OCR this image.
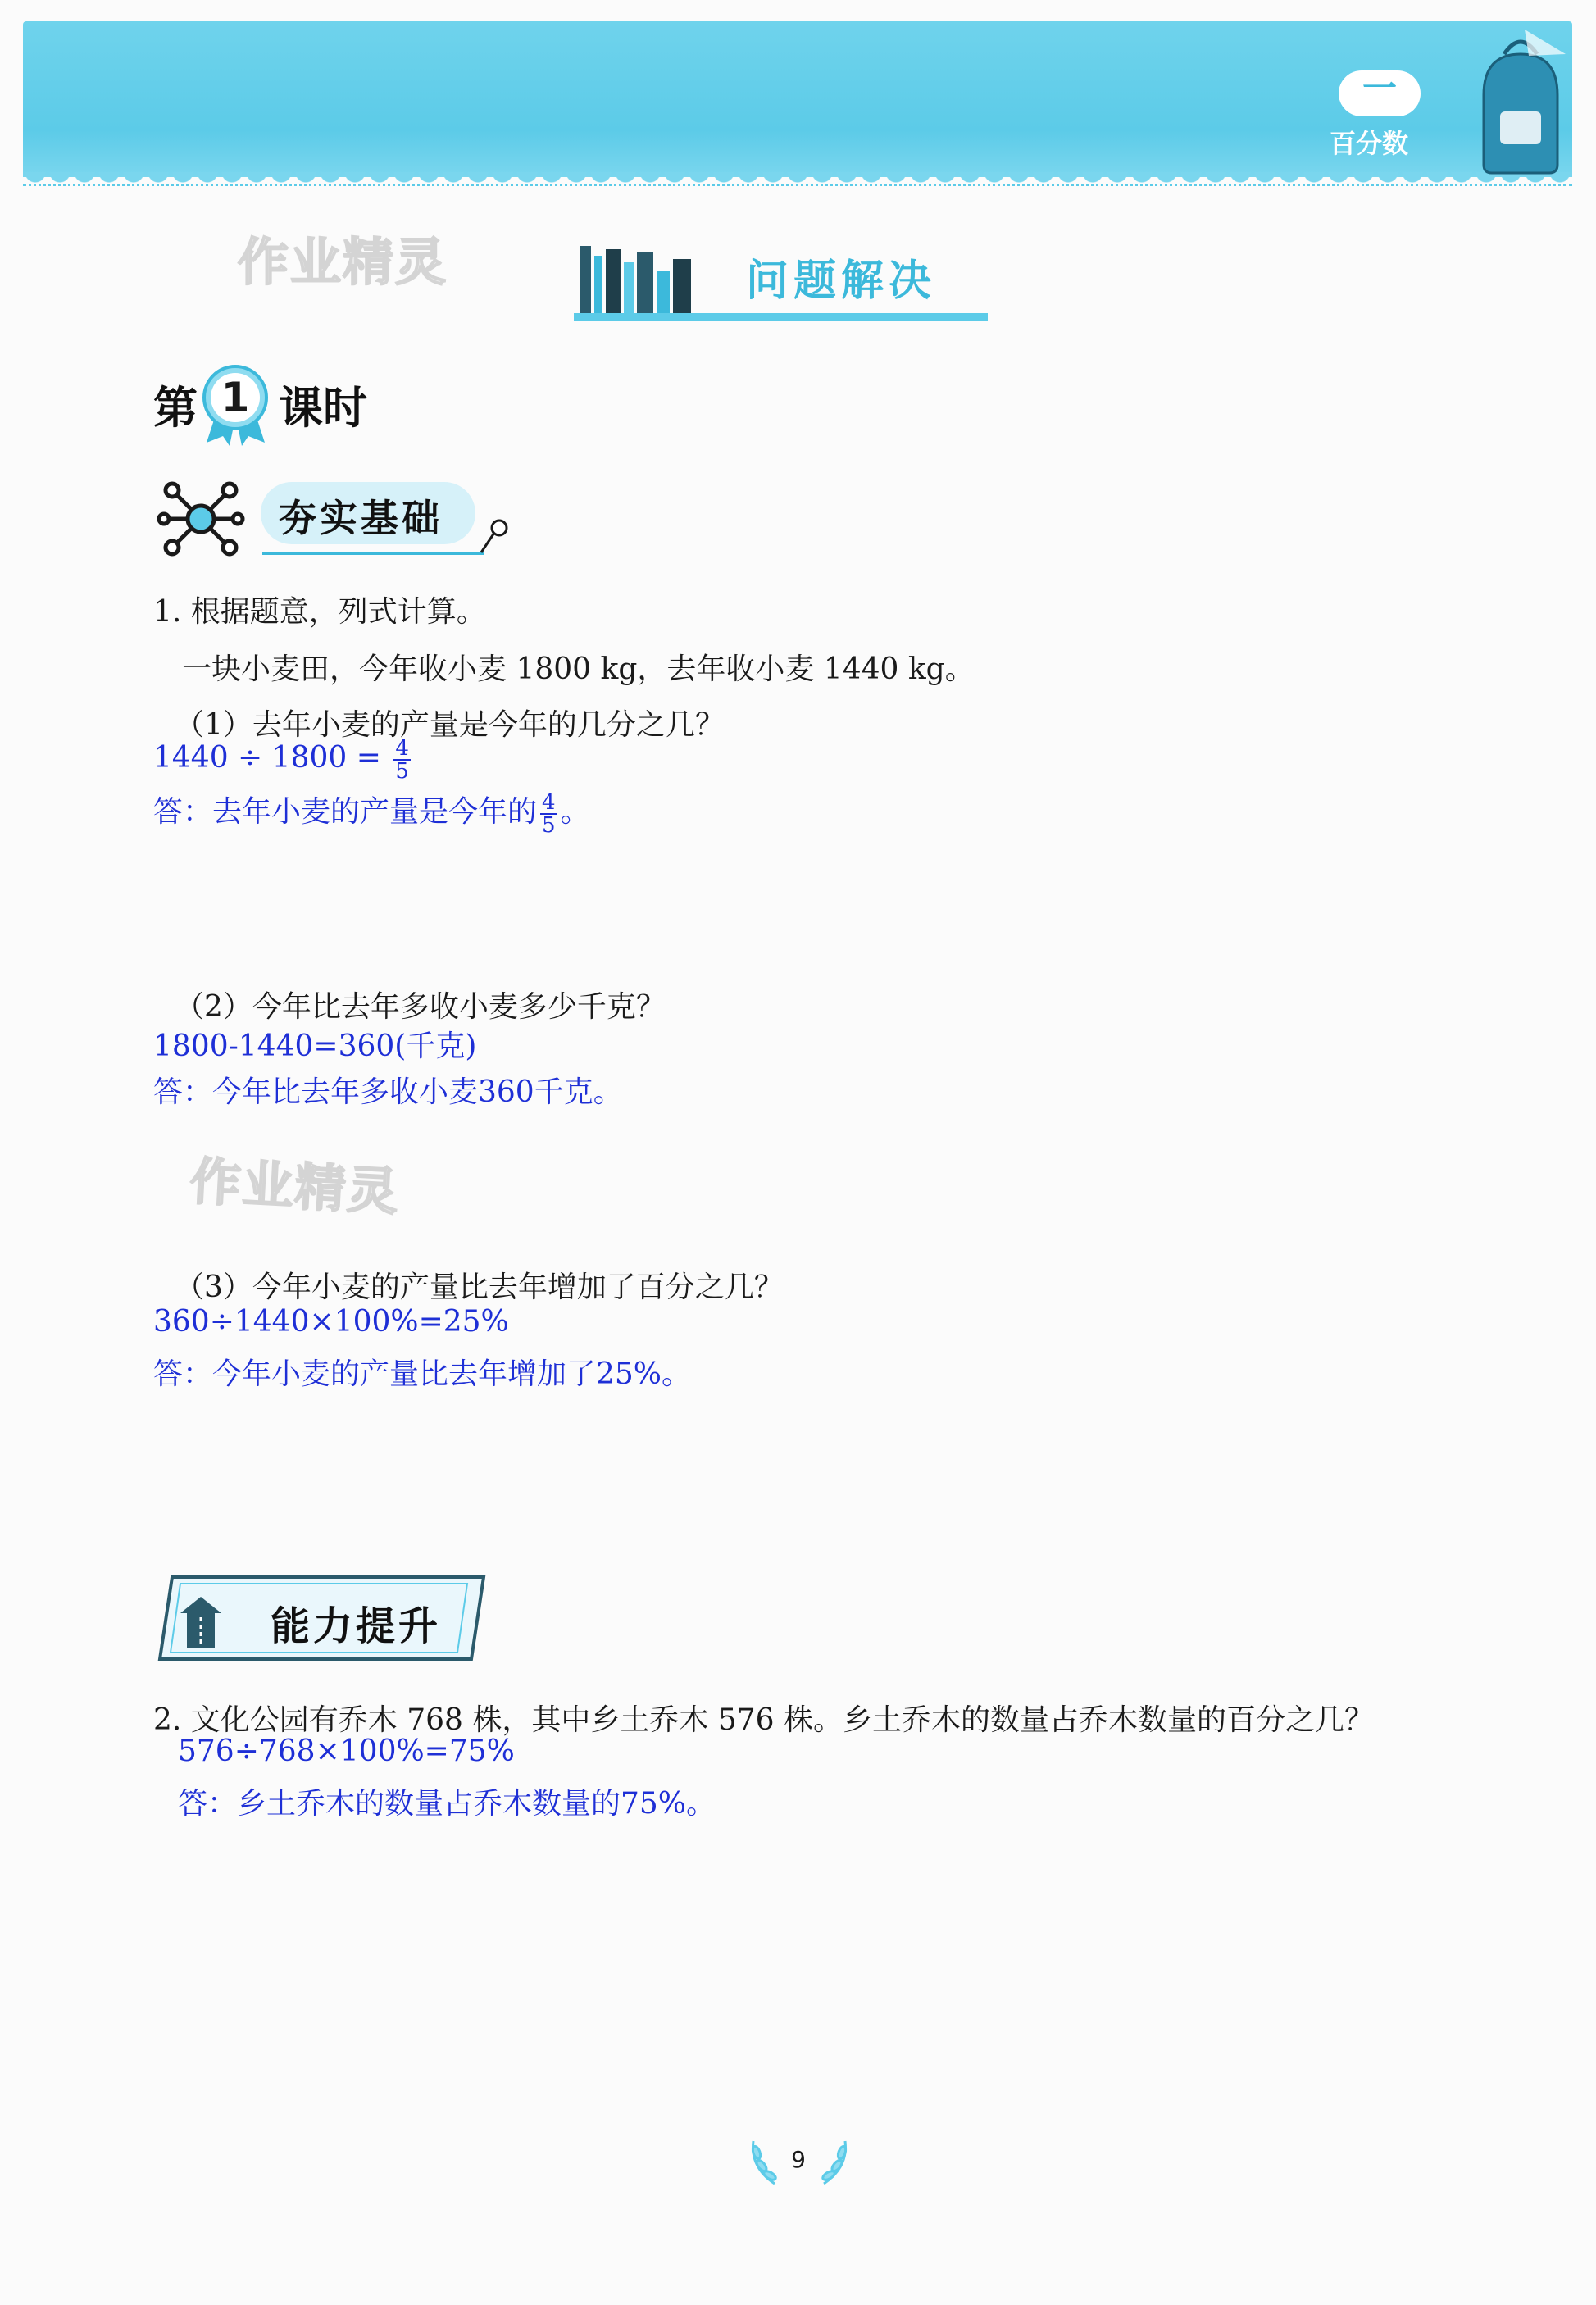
一
百分数
作业精灵
作业精灵
问题解决
第 1 课时
夯实基础
1. 根据题意，列式计算。
一块小麦田，今年收小麦 1800 kg，去年收小麦 1440 kg。
（1）去年小麦的产量是今年的几分之几？
$1440 \div 1800 = \frac{4}{5}$
答：去年小麦的产量是今年的 $\frac{4}{5}$ 。
（2）今年比去年多收小麦多少千克？
1800-1440=360(千克)
答：今年比去年多收小麦360千克。
（3）今年小麦的产量比去年增加了百分之几？
360÷1440×100%=25%
答：今年小麦的产量比去年增加了25%。
能力提升
2. 文化公园有乔木 768 株，其中乡土乔木 576 株。乡土乔木的数量占乔木数量的百分之几？
576÷768×100%=75%
答：乡土乔木的数量占乔木数量的75%。
9
